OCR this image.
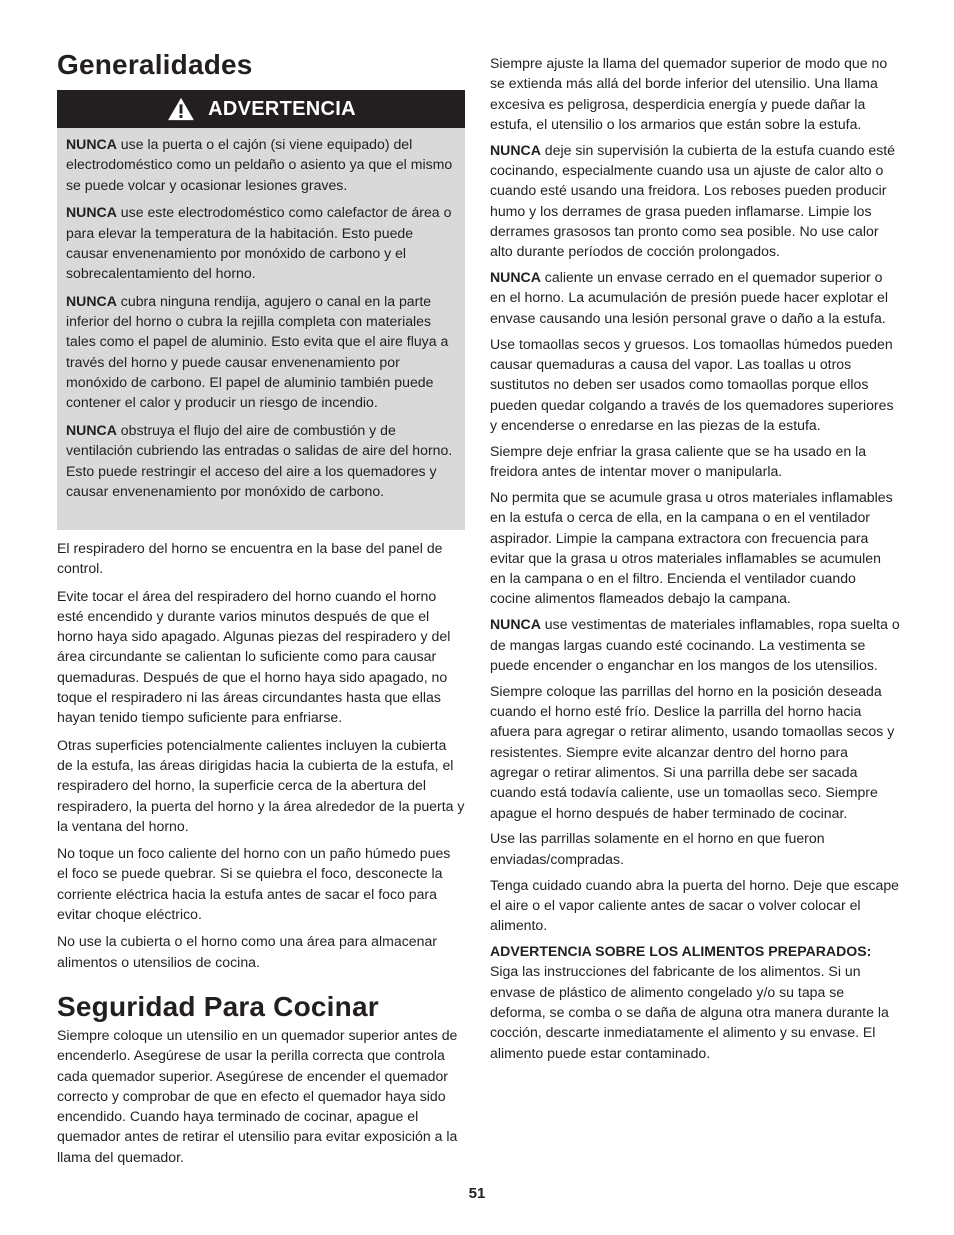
Generalidades
ADVERTENCIA

NUNCA use la puerta o el cajón (si viene equipado) del electrodoméstico como un peldaño o asiento ya que el mismo se puede volcar y ocasionar lesiones graves.

NUNCA use este electrodoméstico como calefactor de área o para elevar la temperatura de la habitación. Esto puede causar envenenamiento por monóxido de carbono y el sobrecalentamiento del horno.

NUNCA cubra ninguna rendija, agujero o canal en la parte inferior del horno o cubra la rejilla completa con materiales tales como el papel de aluminio. Esto evita que el aire fluya a través del horno y puede causar envenenamiento por monóxido de carbono. El papel de aluminio también puede contener el calor y producir un riesgo de incendio.

NUNCA obstruya el flujo del aire de combustión y de ventilación cubriendo las entradas o salidas de aire del horno. Esto puede restringir el acceso del aire a los quemadores y causar envenenamiento por monóxido de carbono.

El respiradero del horno se encuentra en la base del panel de control.

Evite tocar el área del respiradero del horno cuando el horno esté encendido y durante varios minutos después de que el horno haya sido apagado. Algunas piezas del respiradero y del área circundante se calientan lo suficiente como para causar quemaduras. Después de que el horno haya sido apagado, no toque el respiradero ni las áreas circundantes hasta que ellas hayan tenido tiempo suficiente para enfriarse.

Otras superficies potencialmente calientes incluyen la cubierta de la estufa, las áreas dirigidas hacia la cubierta de la estufa, el respiradero del horno, la superficie cerca de la abertura del respiradero, la puerta del horno y la área alrededor de la puerta y la ventana del horno.

No toque un foco caliente del horno con un paño húmedo pues el foco se puede quebrar. Si se quiebra el foco, desconecte la corriente eléctrica hacia la estufa antes de sacar el foco para evitar choque eléctrico.

No use la cubierta o el horno como una área para almacenar alimentos o utensilios de cocina.

Seguridad Para Cocinar

Siempre coloque un utensilio en un quemador superior antes de encenderlo. Asegúrese de usar la perilla correcta que controla cada quemador superior. Asegúrese de encender el quemador correcto y comprobar de que en efecto el quemador haya sido encendido. Cuando haya terminado de cocinar, apague el quemador antes de retirar el utensilio para evitar exposición a la llama del quemador.

Siempre ajuste la llama del quemador superior de modo que no se extienda más allá del borde inferior del utensilio. Una llama excesiva es peligrosa, desperdicia energía y puede dañar la estufa, el utensilio o los armarios que están sobre la estufa.

NUNCA deje sin supervisión la cubierta de la estufa cuando esté cocinando, especialmente cuando usa un ajuste de calor alto o cuando esté usando una freidora. Los reboses pueden producir humo y los derrames de grasa pueden inflamarse. Limpie los derrames grasosos tan pronto como sea posible. No use calor alto durante períodos de cocción prolongados.

NUNCA caliente un envase cerrado en el quemador superior o en el horno. La acumulación de presión puede hacer explotar el envase causando una lesión personal grave o daño a la estufa.

Use tomaollas secos y gruesos. Los tomaollas húmedos pueden causar quemaduras a causa del vapor. Las toallas u otros sustitutos no deben ser usados como tomaollas porque ellos pueden quedar colgando a través de los quemadores superiores y encenderse o enredarse en las piezas de la estufa.

Siempre deje enfriar la grasa caliente que se ha usado en la freidora antes de intentar mover o manipularla.

No permita que se acumule grasa u otros materiales inflamables en la estufa o cerca de ella, en la campana o en el ventilador aspirador. Limpie la campana extractora con frecuencia para evitar que la grasa u otros materiales inflamables se acumulen en la campana o en el filtro. Encienda el ventilador cuando cocine alimentos flameados debajo la campana.

NUNCA use vestimentas de materiales inflamables, ropa suelta o de mangas largas cuando esté cocinando. La vestimenta se puede encender o enganchar en los mangos de los utensilios.

Siempre coloque las parrillas del horno en la posición deseada cuando el horno esté frío. Deslice la parrilla del horno hacia afuera para agregar o retirar alimento, usando tomaollas secos y resistentes. Siempre evite alcanzar dentro del horno para agregar o retirar alimentos. Si una parrilla debe ser sacada cuando está todavía caliente, use un tomaollas seco. Siempre apague el horno después de haber terminado de cocinar.

Use las parrillas solamente en el horno en que fueron enviadas/compradas.

Tenga cuidado cuando abra la puerta del horno. Deje que escape el aire o el vapor caliente antes de sacar o volver colocar el alimento.

ADVERTENCIA SOBRE LOS ALIMENTOS PREPARADOS:
Siga las instrucciones del fabricante de los alimentos. Si un envase de plástico de alimento congelado y/o su tapa se deforma, se comba o se daña de alguna otra manera durante la cocción, descarte inmediatamente el alimento y su envase. El alimento puede estar contaminado.

51
